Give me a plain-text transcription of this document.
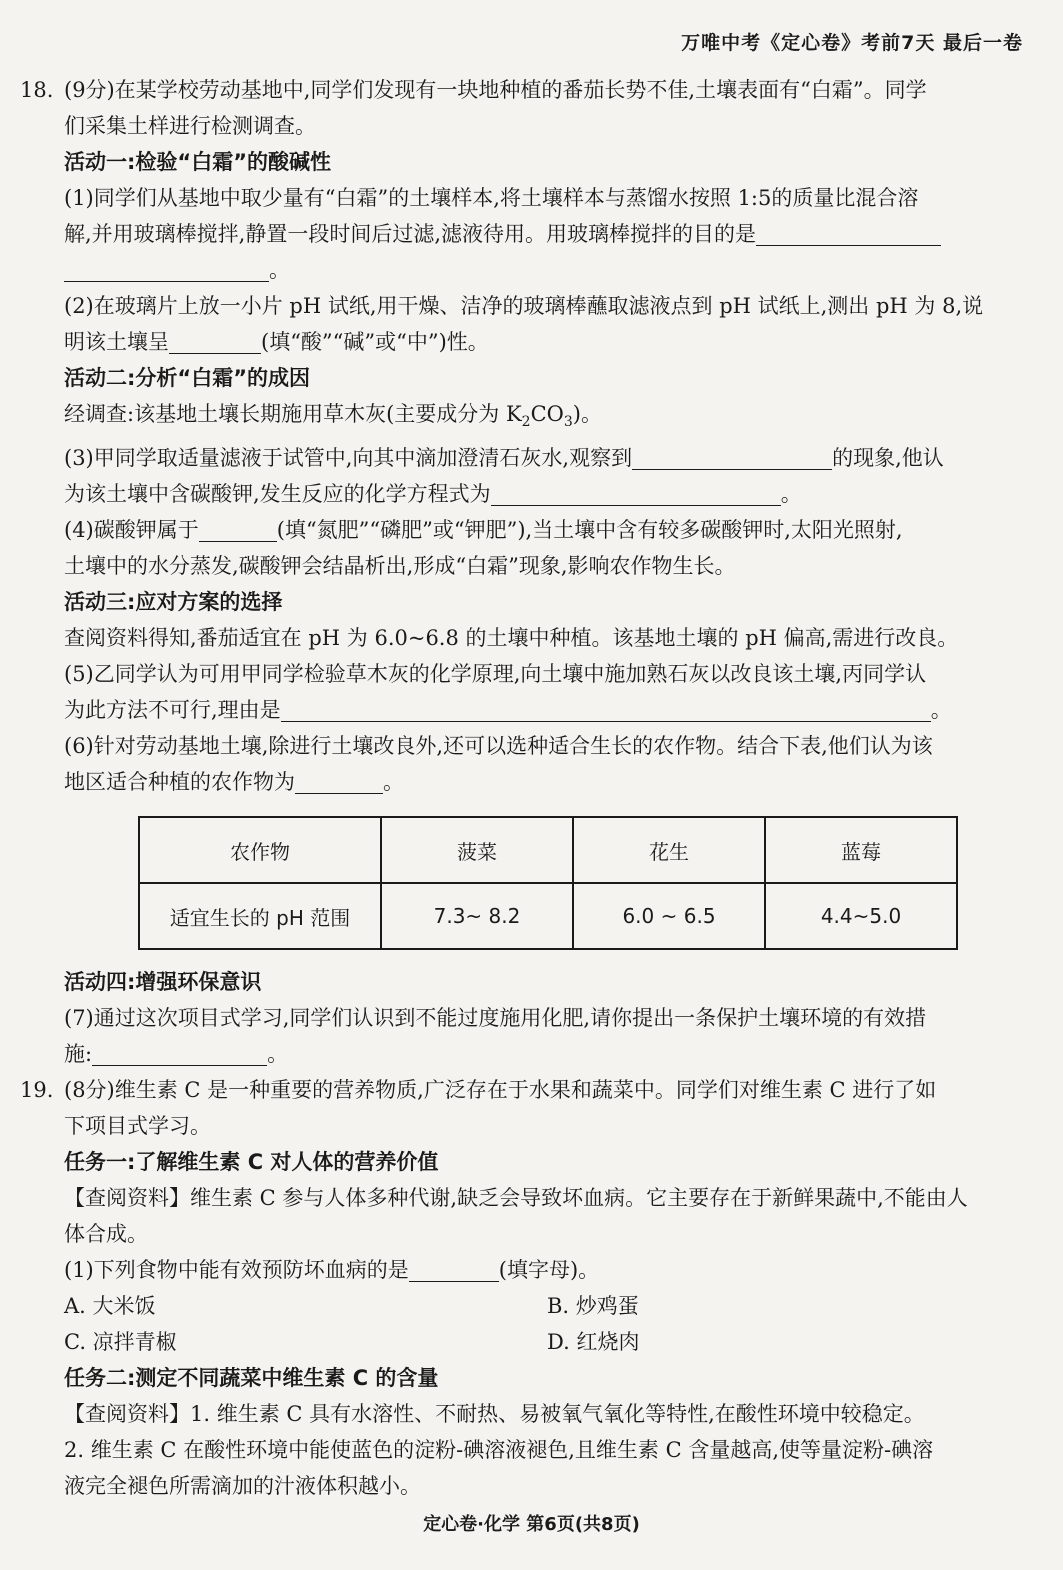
万唯中考《定心卷》考前7天 最后一卷
18. (9分)在某学校劳动基地中,同学们发现有一块地种植的番茄长势不佳,土壤表面有“白霜”。同学
们采集土样进行检测调查。
活动一:检验“白霜”的酸碱性
(1)同学们从基地中取少量有“白霜”的土壤样本,将土壤样本与蒸馏水按照 1:5的质量比混合溶
解,并用玻璃棒搅拌,静置一段时间后过滤,滤液待用。用玻璃棒搅拌的目的是
。
(2)在玻璃片上放一小片 pH 试纸,用干燥、洁净的玻璃棒蘸取滤液点到 pH 试纸上,测出 pH 为 8,说
明该土壤呈	(填“酸”“碱”或“中”)性。
活动二:分析“白霜”的成因
经调查:该基地土壤长期施用草木灰(主要成分为 $K_2CO_3$)。
(3)甲同学取适量滤液于试管中,向其中滴加澄清石灰水,观察到	的现象,他认
为该土壤中含碳酸钾,发生反应的化学方程式为	。
(4)碳酸钾属于	(填“氮肥”“磷肥”或“钾肥”),当土壤中含有较多碳酸钾时,太阳光照射,
土壤中的水分蒸发,碳酸钾会结晶析出,形成“白霜”现象,影响农作物生长。
活动三:应对方案的选择
查阅资料得知,番茄适宜在 pH 为 6.0~6.8 的土壤中种植。该基地土壤的 pH 偏高,需进行改良。
(5)乙同学认为可用甲同学检验草木灰的化学原理,向土壤中施加熟石灰以改良该土壤,丙同学认
为此方法不可行,理由是	。
(6)针对劳动基地土壤,除进行土壤改良外,还可以选种适合生长的农作物。结合下表,他们认为该
地区适合种植的农作物为	。
农作物	菠菜	花生	蓝莓
适宜生长的 pH 范围	7.3~ 8.2	6.0 ~ 6.5	4.4~5.0
活动四:增强环保意识
(7)通过这次项目式学习,同学们认识到不能过度施用化肥,请你提出一条保护土壤环境的有效措
施:	。
19. (8分)维生素 C 是一种重要的营养物质,广泛存在于水果和蔬菜中。同学们对维生素 C 进行了如
下项目式学习。
任务一:了解维生素 C 对人体的营养价值
【查阅资料】维生素 C 参与人体多种代谢,缺乏会导致坏血病。它主要存在于新鲜果蔬中,不能由人
体合成。
(1)下列食物中能有效预防坏血病的是	(填字母)。
A. 大米饭	B. 炒鸡蛋
C. 凉拌青椒	D. 红烧肉
任务二:测定不同蔬菜中维生素 C 的含量
【查阅资料】1. 维生素 C 具有水溶性、不耐热、易被氧气氧化等特性,在酸性环境中较稳定。
2. 维生素 C 在酸性环境中能使蓝色的淀粉-碘溶液褪色,且维生素 C 含量越高,使等量淀粉-碘溶
液完全褪色所需滴加的汁液体积越小。
定心卷·化学 第6页(共8页)
